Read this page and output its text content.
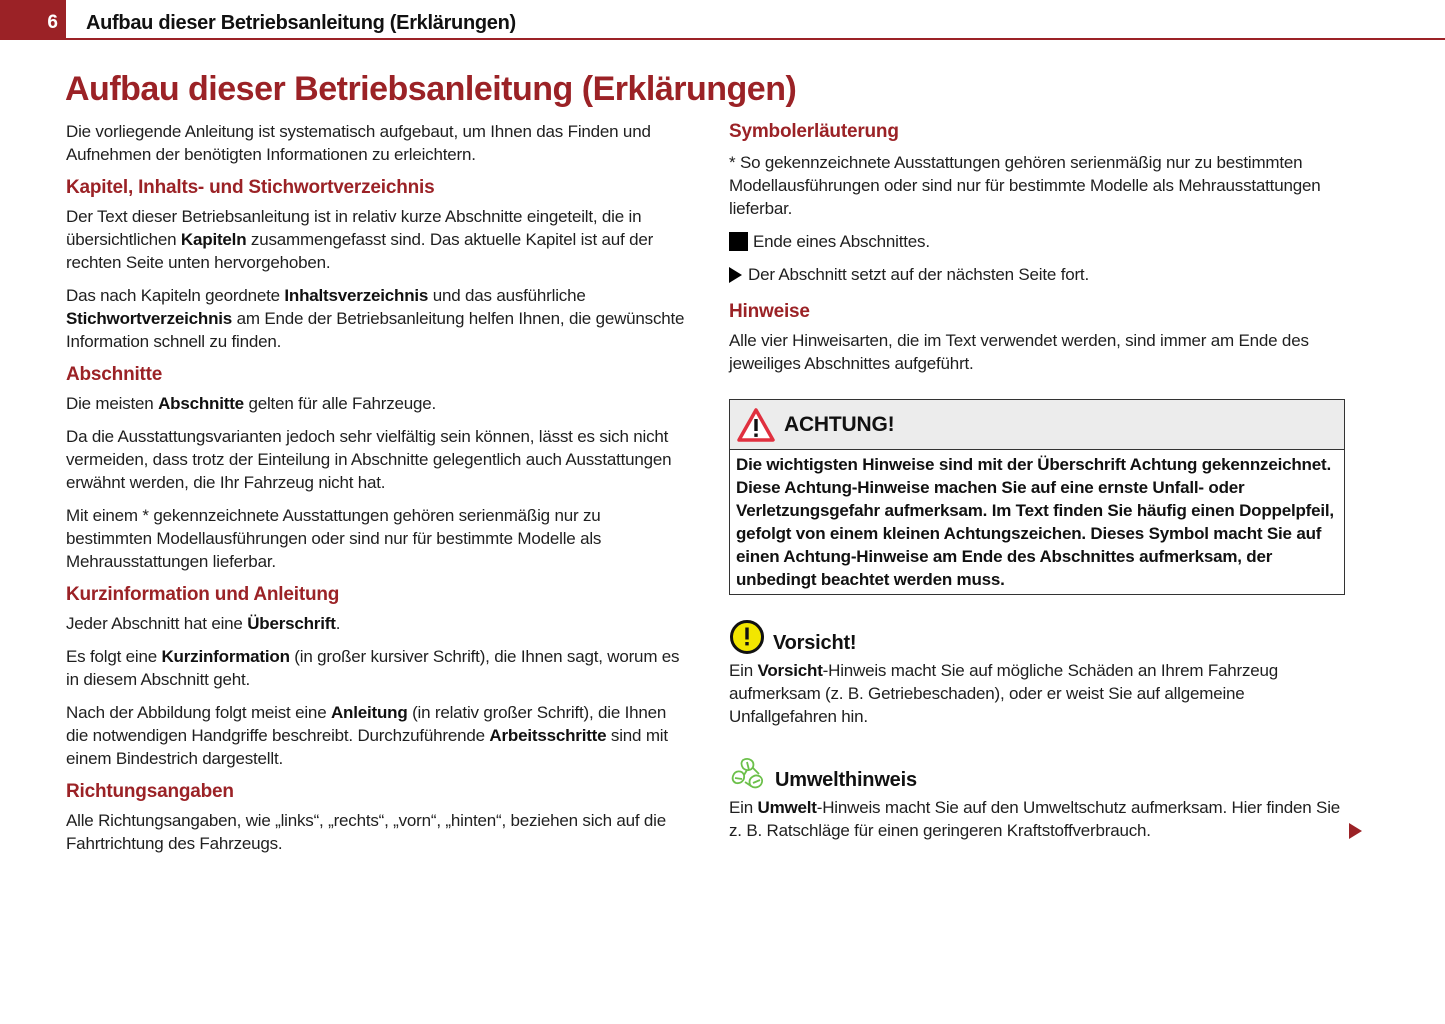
6	Aufbau dieser Betriebsanleitung (Erklärungen)
Aufbau dieser Betriebsanleitung (Erklärungen)

Die vorliegende Anleitung ist systematisch aufgebaut, um Ihnen das Finden und Aufnehmen der benötigten Informationen zu erleichtern.

Kapitel, Inhalts- und Stichwortverzeichnis

Der Text dieser Betriebsanleitung ist in relativ kurze Abschnitte eingeteilt, die in übersichtlichen Kapiteln zusammengefasst sind. Das aktuelle Kapitel ist auf der rechten Seite unten hervorgehoben.

Das nach Kapiteln geordnete Inhaltsverzeichnis und das ausführliche Stichwortverzeichnis am Ende der Betriebsanleitung helfen Ihnen, die gewünschte Information schnell zu finden.

Abschnitte

Die meisten Abschnitte gelten für alle Fahrzeuge.

Da die Ausstattungsvarianten jedoch sehr vielfältig sein können, lässt es sich nicht vermeiden, dass trotz der Einteilung in Abschnitte gelegentlich auch Ausstattungen erwähnt werden, die Ihr Fahrzeug nicht hat.

Mit einem * gekennzeichnete Ausstattungen gehören serienmäßig nur zu bestimmten Modellausführungen oder sind nur für bestimmte Modelle als Mehrausstattungen lieferbar.

Kurzinformation und Anleitung

Jeder Abschnitt hat eine Überschrift.

Es folgt eine Kurzinformation (in großer kursiver Schrift), die Ihnen sagt, worum es in diesem Abschnitt geht.

Nach der Abbildung folgt meist eine Anleitung (in relativ großer Schrift), die Ihnen die notwendigen Handgriffe beschreibt. Durchzuführende Arbeitsschritte sind mit einem Bindestrich dargestellt.

Richtungsangaben

Alle Richtungsangaben, wie „links“, „rechts“, „vorn“, „hinten“, beziehen sich auf die Fahrtrichtung des Fahrzeugs.

Symbolerläuterung

* So gekennzeichnete Ausstattungen gehören serienmäßig nur zu bestimmten Modellausführungen oder sind nur für bestimmte Modelle als Mehrausstattungen lieferbar.

Ende eines Abschnittes.
Der Abschnitt setzt auf der nächsten Seite fort.
Hinweise

Alle vier Hinweisarten, die im Text verwendet werden, sind immer am Ende des jeweiliges Abschnittes aufgeführt.

ACHTUNG!
Die wichtigsten Hinweise sind mit der Überschrift Achtung gekennzeichnet. Diese Achtung-Hinweise machen Sie auf eine ernste Unfall- oder Verletzungsgefahr aufmerksam. Im Text finden Sie häufig einen Doppelpfeil, gefolgt von einem kleinen Achtungszeichen. Dieses Symbol macht Sie auf einen Achtung-Hinweise am Ende des Abschnittes aufmerksam, der unbedingt beachtet werden muss.
Vorsicht!

Ein Vorsicht-Hinweis macht Sie auf mögliche Schäden an Ihrem Fahrzeug aufmerksam (z. B. Getriebeschaden), oder er weist Sie auf allgemeine Unfallgefahren hin.

Umwelthinweis

Ein Umwelt-Hinweis macht Sie auf den Umweltschutz aufmerksam. Hier finden Sie z. B. Ratschläge für einen geringeren Kraftstoffverbrauch.
